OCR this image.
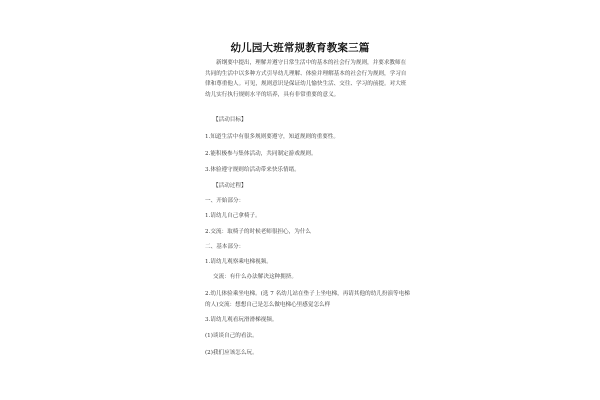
幼儿园大班常规教育教案三篇
新纲要中提出，理解并遵守日常生活中的基本的社会行为规则，并要求教师在共同的生活中以多种方式引导幼儿理解、体验并理解基本的社会行为规则，学习自律和尊重他人。可见，规则意识是保证幼儿愉快生活、交往、学习的前提。对大班幼儿实行执行规则水平的培养，具有非常重要的意义。
【活动目标】
1.知道生活中有很多规则要遵守，知道规则的重要性。
2.能积极参与集体活动，共同制定游戏规则。
3.体验遵守规则给活动带来快乐情绪。
【活动过程】
一、开始部分：
1.请幼儿自己拿椅子。
2.交流：取椅子的时候老师很担心，为什么
二、基本部分：
1.请幼儿观察乘电梯视频。
交流：有什么办法解决这种拥挤。
2.幼儿体验乘坐电梯。(选 7 名幼儿站在垫子上坐电梯，再请其他的幼儿扮演等电梯的人)交流：想想自己是怎么做电梯心里感觉怎么样
3.请幼儿观看玩滑滑梯视频。
(1)谈谈自己的看法。
(2)我们应该怎么玩。
